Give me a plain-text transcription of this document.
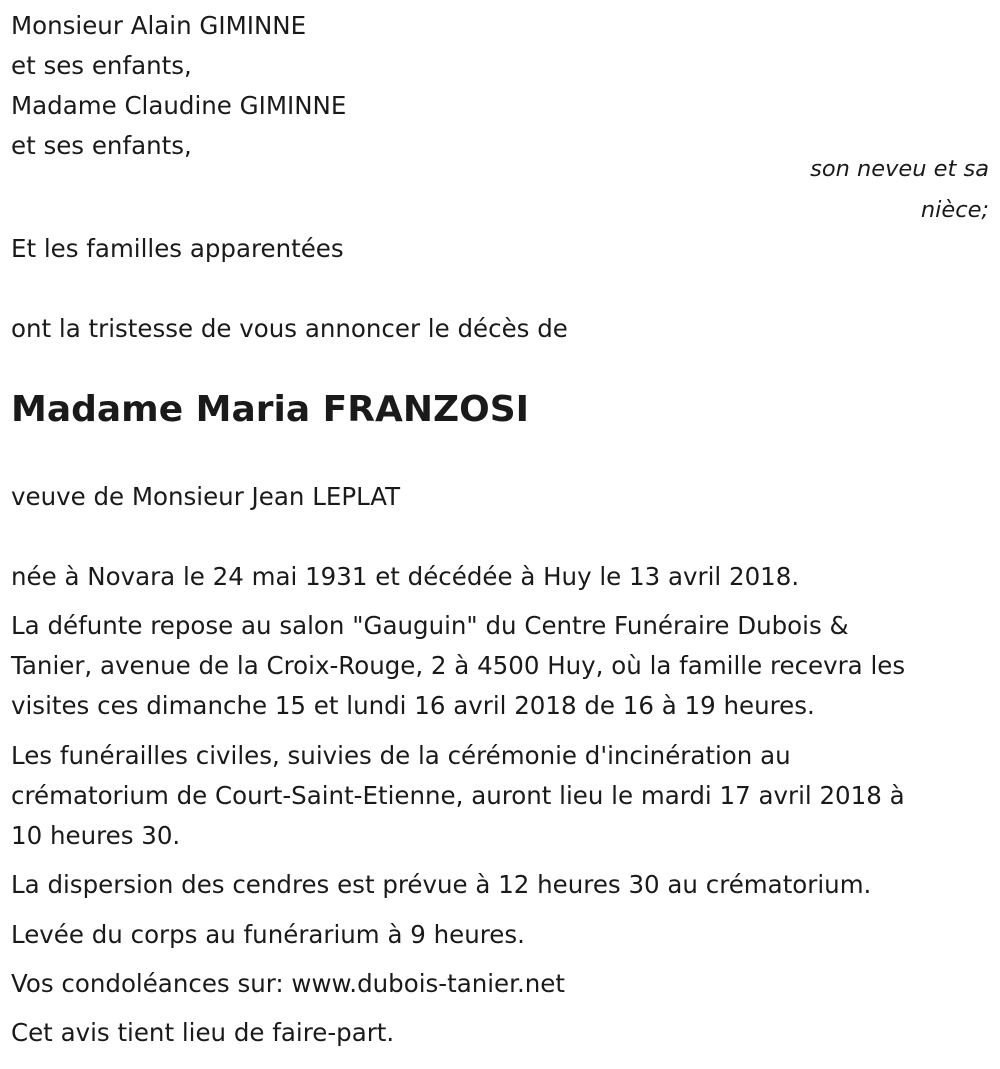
Monsieur Alain GIMINNE
et ses enfants,
Madame Claudine GIMINNE
et ses enfants,
son neveu et sa
nièce;
Et les familles apparentées
ont la tristesse de vous annoncer le décès de
Madame Maria FRANZOSI
veuve de Monsieur Jean LEPLAT
née à Novara le 24 mai 1931 et décédée à Huy le 13 avril 2018.
La défunte repose au salon "Gauguin" du Centre Funéraire Dubois &
Tanier, avenue de la Croix-Rouge, 2 à 4500 Huy, où la famille recevra les
visites ces dimanche 15 et lundi 16 avril 2018 de 16 à 19 heures.
Les funérailles civiles, suivies de la cérémonie d'incinération au
crématorium de Court-Saint-Etienne, auront lieu le mardi 17 avril 2018 à
10 heures 30.
La dispersion des cendres est prévue à 12 heures 30 au crématorium.
Levée du corps au funérarium à 9 heures.
Vos condoléances sur: www.dubois-tanier.net
Cet avis tient lieu de faire-part.
